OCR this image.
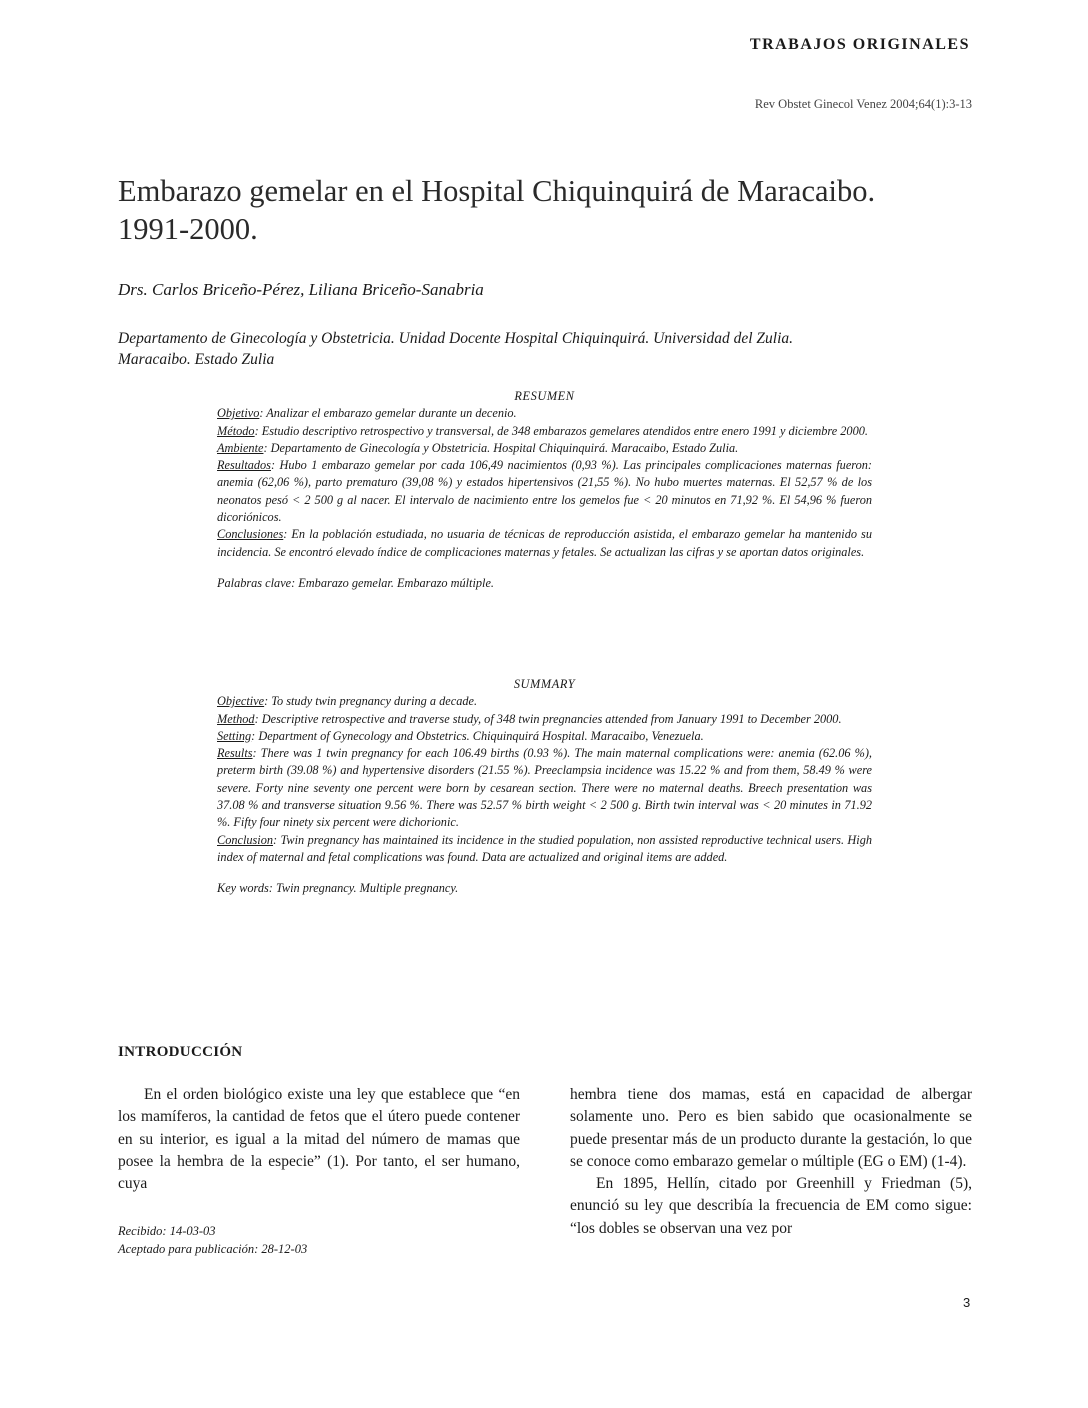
TRABAJOS ORIGINALES
Rev Obstet Ginecol Venez 2004;64(1):3-13
Embarazo gemelar en el Hospital Chiquinquirá de Maracaibo.
1991-2000.
Drs. Carlos Briceño-Pérez, Liliana Briceño-Sanabria
Departamento de Ginecología y Obstetricia. Unidad Docente Hospital Chiquinquirá. Universidad del Zulia.
Maracaibo. Estado Zulia

RESUMEN

Objetivo: Analizar el embarazo gemelar durante un decenio.

Método: Estudio descriptivo retrospectivo y transversal, de 348 embarazos gemelares atendidos entre enero 1991 y diciembre 2000.

Ambiente: Departamento de Ginecología y Obstetricia. Hospital Chiquinquirá. Maracaibo, Estado Zulia.

Resultados: Hubo 1 embarazo gemelar por cada 106,49 nacimientos (0,93 %). Las principales complicaciones maternas fueron: anemia (62,06 %), parto prematuro (39,08 %) y estados hipertensivos (21,55 %). No hubo muertes maternas. El 52,57 % de los neonatos pesó < 2 500 g al nacer. El intervalo de nacimiento entre los gemelos fue < 20 minutos en 71,92 %. El 54,96 % fueron dicoriónicos.

Conclusiones: En la población estudiada, no usuaria de técnicas de reproducción asistida, el embarazo gemelar ha mantenido su incidencia. Se encontró elevado índice de complicaciones maternas y fetales. Se actualizan las cifras y se aportan datos originales.

Palabras clave: Embarazo gemelar. Embarazo múltiple.

SUMMARY

Objective: To study twin pregnancy during a decade.

Method: Descriptive retrospective and traverse study, of 348 twin pregnancies attended from January 1991 to December 2000.

Setting: Department of Gynecology and Obstetrics. Chiquinquirá Hospital. Maracaibo, Venezuela.

Results: There was 1 twin pregnancy for each 106.49 births (0.93 %). The main maternal complications were: anemia (62.06 %), preterm birth (39.08 %) and hypertensive disorders (21.55 %). Preeclampsia incidence was 15.22 % and from them, 58.49 % were severe. Forty nine seventy one percent were born by cesarean section. There were no maternal deaths. Breech presentation was 37.08 % and transverse situation 9.56 %. There was 52.57 % birth weight < 2 500 g. Birth twin interval was < 20 minutes in 71.92 %. Fifty four ninety six percent were dichorionic.

Conclusion: Twin pregnancy has maintained its incidence in the studied population, non assisted reproductive technical users. High index of maternal and fetal complications was found. Data are actualized and original items are added.

Key words: Twin pregnancy. Multiple pregnancy.

INTRODUCCIÓN

En el orden biológico existe una ley que establece que “en los mamíferos, la cantidad de fetos que el útero puede contener en su interior, es igual a la mitad del número de mamas que posee la hembra de la especie” (1). Por tanto, el ser humano, cuya

hembra tiene dos mamas, está en capacidad de albergar solamente uno. Pero es bien sabido que ocasionalmente se puede presentar más de un producto durante la gestación, lo que se conoce como embarazo gemelar o múltiple (EG o EM) (1-4).

En 1895, Hellín, citado por Greenhill y Friedman (5), enunció su ley que describía la frecuencia de EM como sigue: “los dobles se observan una vez por

Recibido: 14-03-03
Aceptado para publicación: 28-12-03
3
